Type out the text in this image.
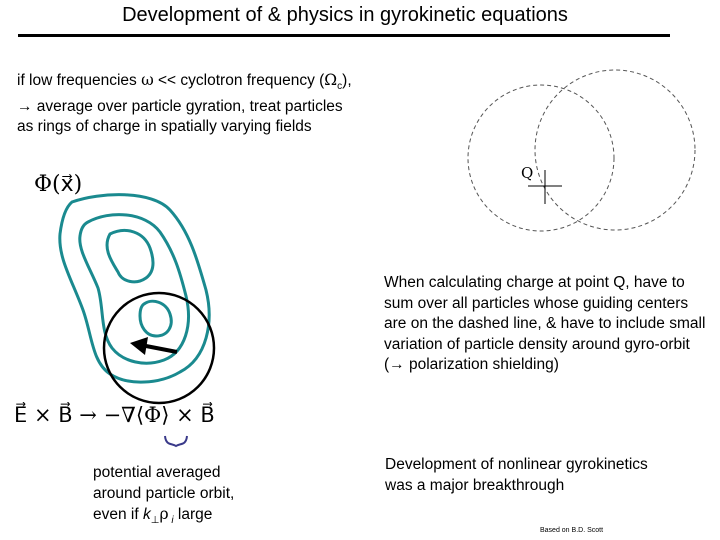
Development of & physics in gyrokinetic equations
if low frequencies ω << cyclotron frequency $(\Omega_c)$,
→ average over particle gyration, treat particles
as rings of charge in spatially varying fields
Φ(x⃗)	Q
E⃗ × B⃗ → −∇⟨Φ⟩ × B⃗
When calculating charge at point Q, have to sum over all particles whose guiding centers are on the dashed line, & have to include small variation of particle density around gyro-orbit (→ polarization shielding)
potential averaged
around particle orbit,
even if $k_\perp\rho$ $_i$ large
Development of nonlinear gyrokinetics
was a major breakthrough
Based on B.D. Scott
